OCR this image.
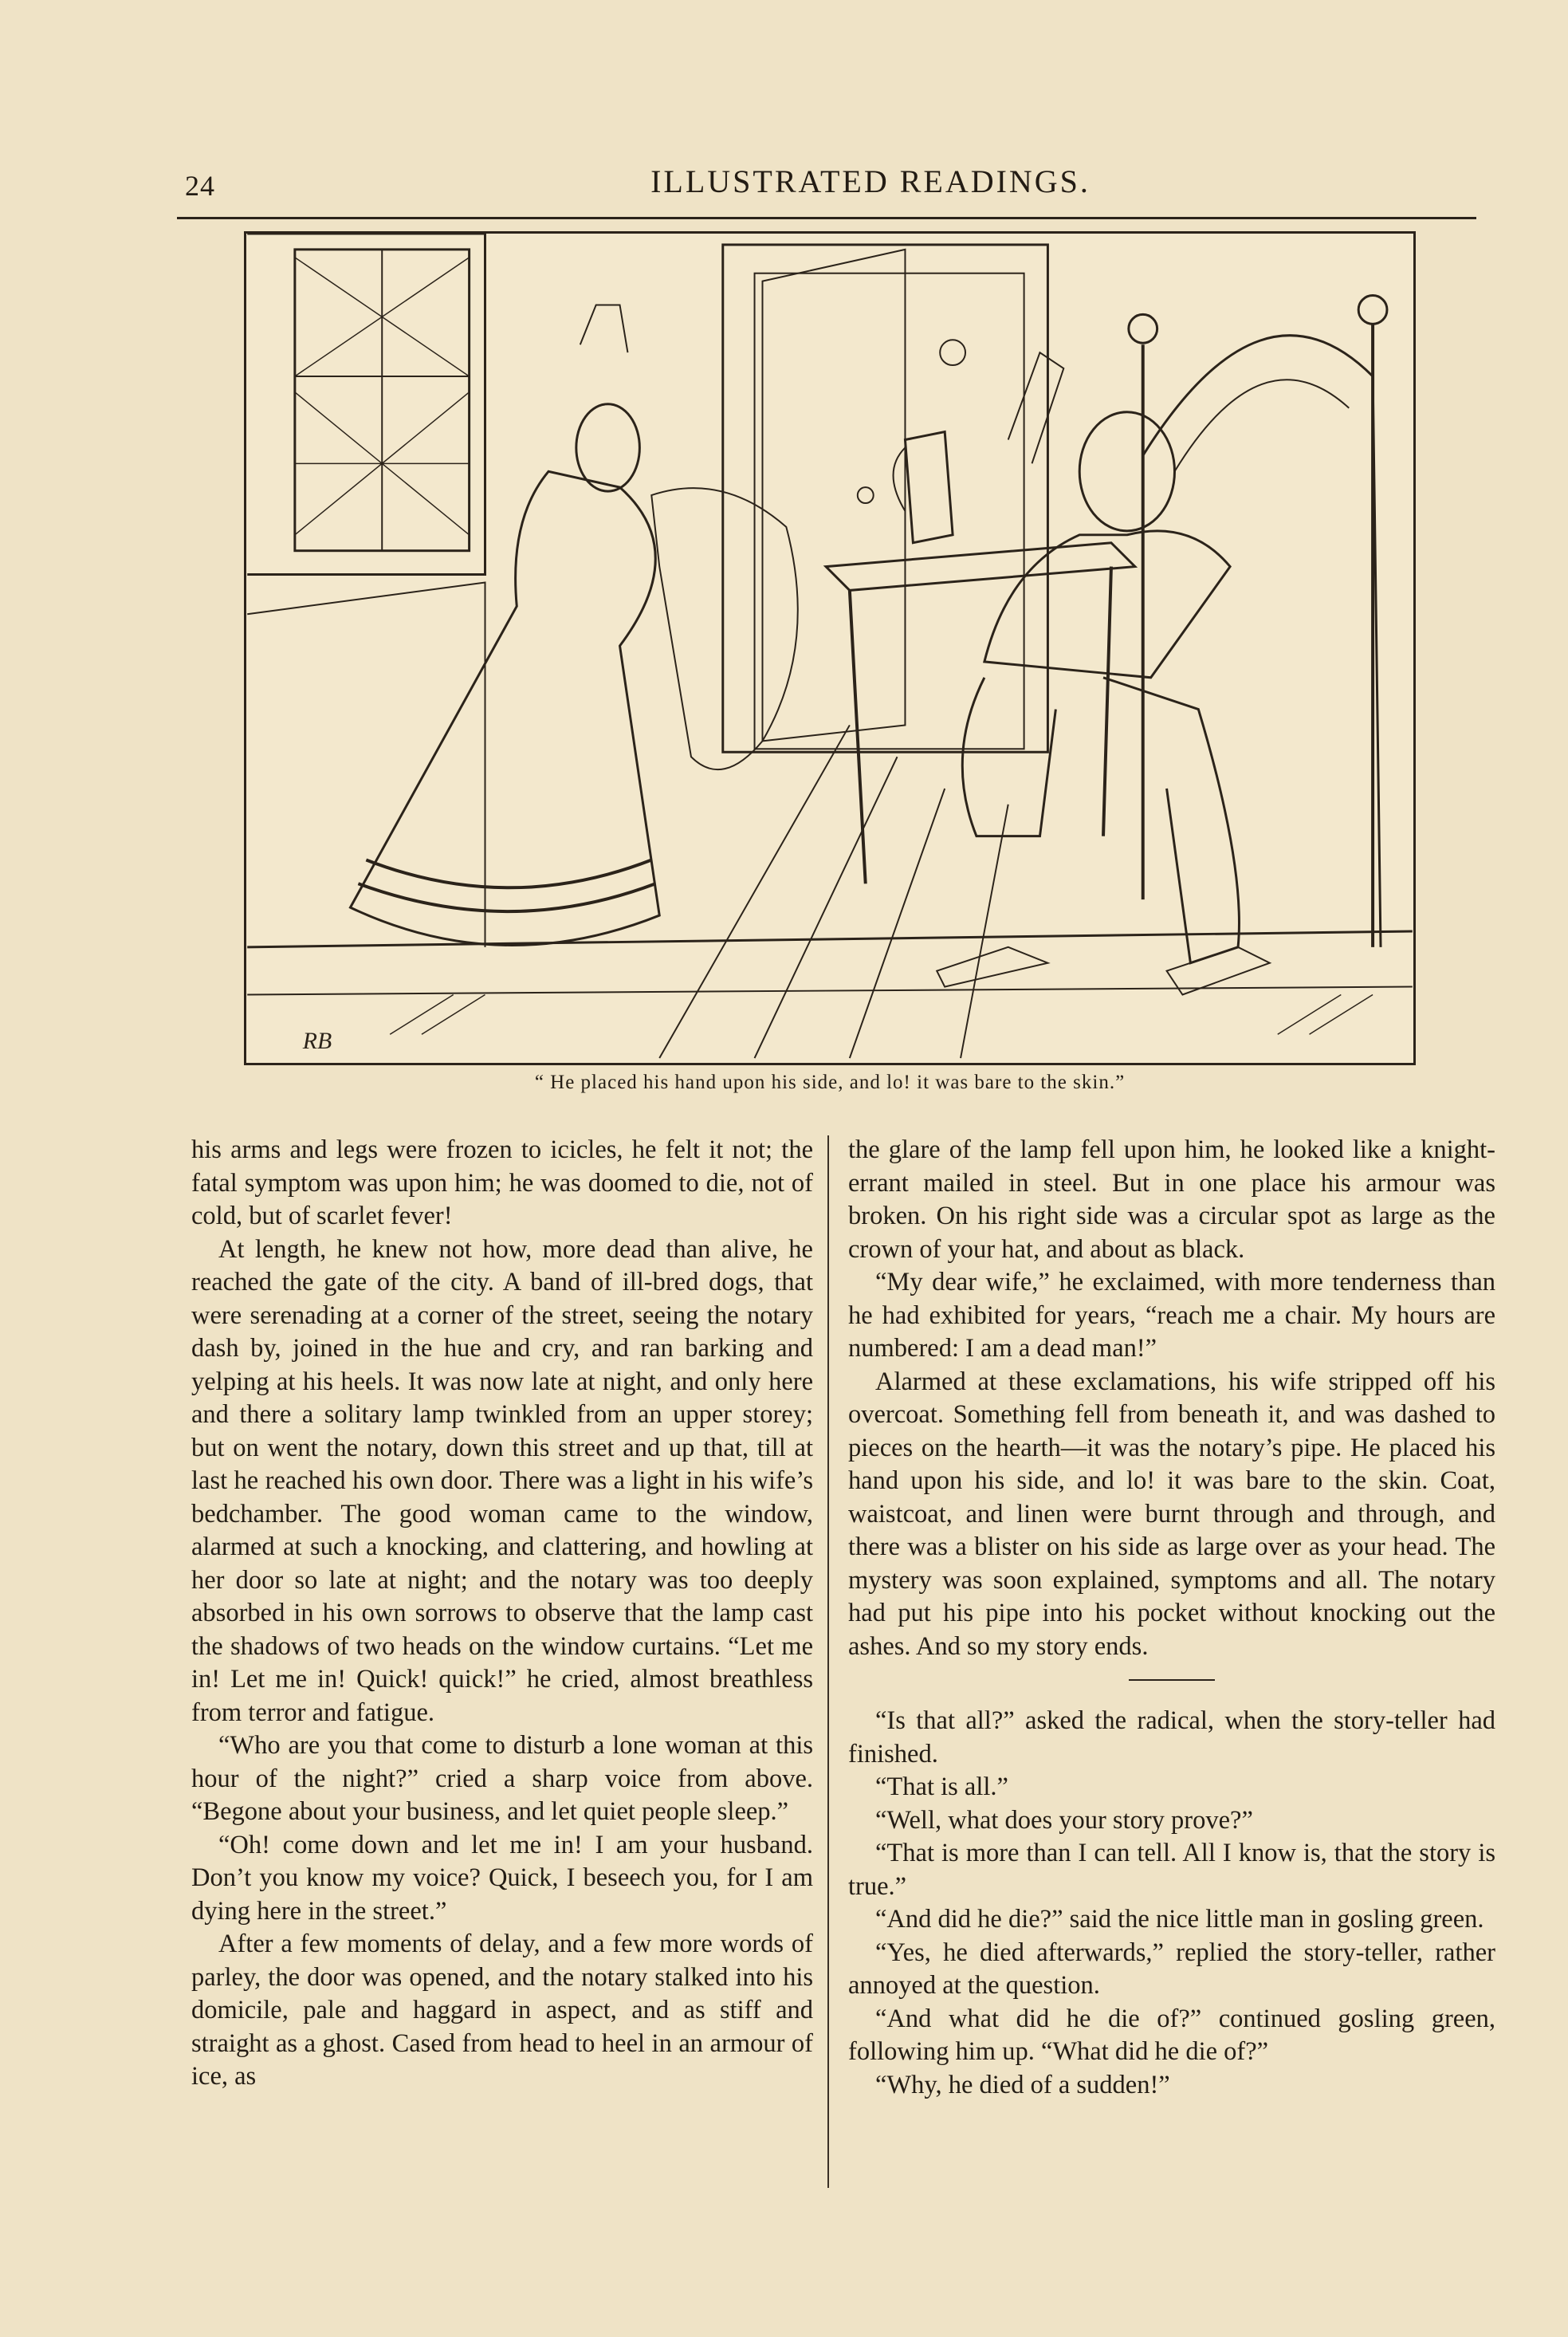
24	ILLUSTRATED READINGS.
RB
“ He placed his hand upon his side, and lo! it was bare to the skin.”

his arms and legs were frozen to icicles, he felt it not; the fatal symptom was upon him; he was doomed to die, not of cold, but of scarlet fever!

At length, he knew not how, more dead than alive, he reached the gate of the city. A band of ill-bred dogs, that were serenading at a corner of the street, seeing the notary dash by, joined in the hue and cry, and ran barking and yelping at his heels. It was now late at night, and only here and there a solitary lamp twinkled from an upper storey; but on went the notary, down this street and up that, till at last he reached his own door. There was a light in his wife’s bedchamber. The good woman came to the window, alarmed at such a knocking, and clattering, and howling at her door so late at night; and the notary was too deeply absorbed in his own sorrows to observe that the lamp cast the shadows of two heads on the window curtains. “Let me in! Let me in! Quick! quick!” he cried, almost breathless from terror and fatigue.

“Who are you that come to disturb a lone woman at this hour of the night?” cried a sharp voice from above. “Begone about your business, and let quiet people sleep.”

“Oh! come down and let me in! I am your husband. Don’t you know my voice? Quick, I beseech you, for I am dying here in the street.”

After a few moments of delay, and a few more words of parley, the door was opened, and the notary stalked into his domicile, pale and haggard in aspect, and as stiff and straight as a ghost. Cased from head to heel in an armour of ice, as

the glare of the lamp fell upon him, he looked like a knight-errant mailed in steel. But in one place his armour was broken. On his right side was a circular spot as large as the crown of your hat, and about as black.

“My dear wife,” he exclaimed, with more tenderness than he had exhibited for years, “reach me a chair. My hours are numbered: I am a dead man!”

Alarmed at these exclamations, his wife stripped off his overcoat. Something fell from beneath it, and was dashed to pieces on the hearth—it was the notary’s pipe. He placed his hand upon his side, and lo! it was bare to the skin. Coat, waistcoat, and linen were burnt through and through, and there was a blister on his side as large over as your head. The mystery was soon explained, symptoms and all. The notary had put his pipe into his pocket without knocking out the ashes. And so my story ends.

“Is that all?” asked the radical, when the story-teller had finished.

“That is all.”

“Well, what does your story prove?”

“That is more than I can tell. All I know is, that the story is true.”

“And did he die?” said the nice little man in gosling green.

“Yes, he died afterwards,” replied the story-teller, rather annoyed at the question.

“And what did he die of?” continued gosling green, following him up. “What did he die of?”

“Why, he died of a sudden!”
